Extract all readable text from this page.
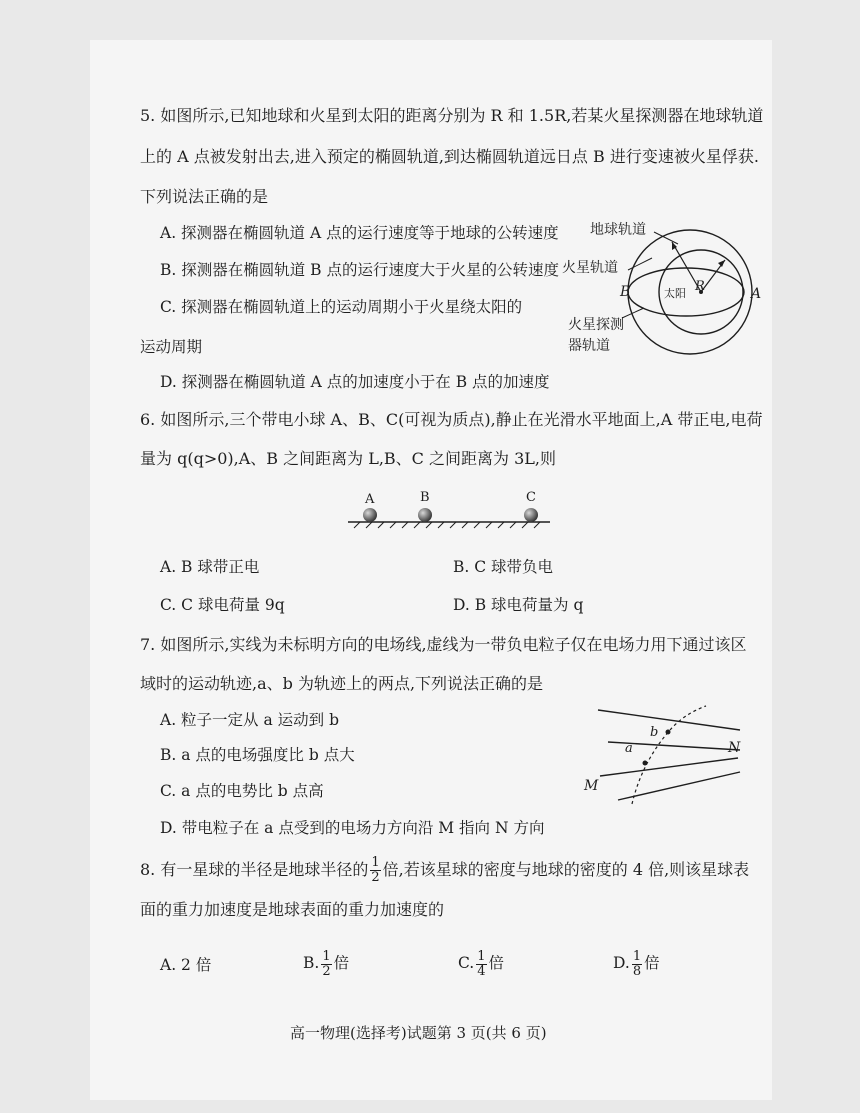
5. 如图所示,已知地球和火星到太阳的距离分别为 R 和 1.5R,若某火星探测器在地球轨道
上的 A 点被发射出去,进入预定的椭圆轨道,到达椭圆轨道远日点 B 进行变速被火星俘获.
下列说法正确的是
A. 探测器在椭圆轨道 A 点的运行速度等于地球的公转速度
B. 探测器在椭圆轨道 B 点的运行速度大于火星的公转速度
C. 探测器在椭圆轨道上的运动周期小于火星绕太阳的
运动周期
D. 探测器在椭圆轨道 A 点的加速度小于在 B 点的加速度
地球轨道
火星轨道
太阳 R	A
B
火星探测
器轨道
6. 如图所示,三个带电小球 A、B、C(可视为质点),静止在光滑水平地面上,A 带正电,电荷
量为 q(q>0),A、B 之间距离为 L,B、C 之间距离为 3L,则
A	B	C
A. B 球带正电	B. C 球带负电
C. C 球电荷量 9q	D. B 球电荷量为 q
7. 如图所示,实线为未标明方向的电场线,虚线为一带负电粒子仅在电场力用下通过该区
域时的运动轨迹,a、b 为轨迹上的两点,下列说法正确的是
A. 粒子一定从 a 运动到 b
B. a 点的电场强度比 b 点大
C. a 点的电势比 b 点高
D. 带电粒子在 a 点受到的电场力方向沿 M 指向 N 方向
a
b
M
N
8. 有一星球的半径是地球半径的 $\frac{1}{2}$ 倍,若该星球的密度与地球的密度的 4 倍,则该星球表
面的重力加速度是地球表面的重力加速度的
A. 2 倍	B. $\frac{1}{2}$ 倍	C. $\frac{1}{4}$ 倍	D. $\frac{1}{8}$ 倍
高一物理(选择考)试题第 3 页(共 6 页)
